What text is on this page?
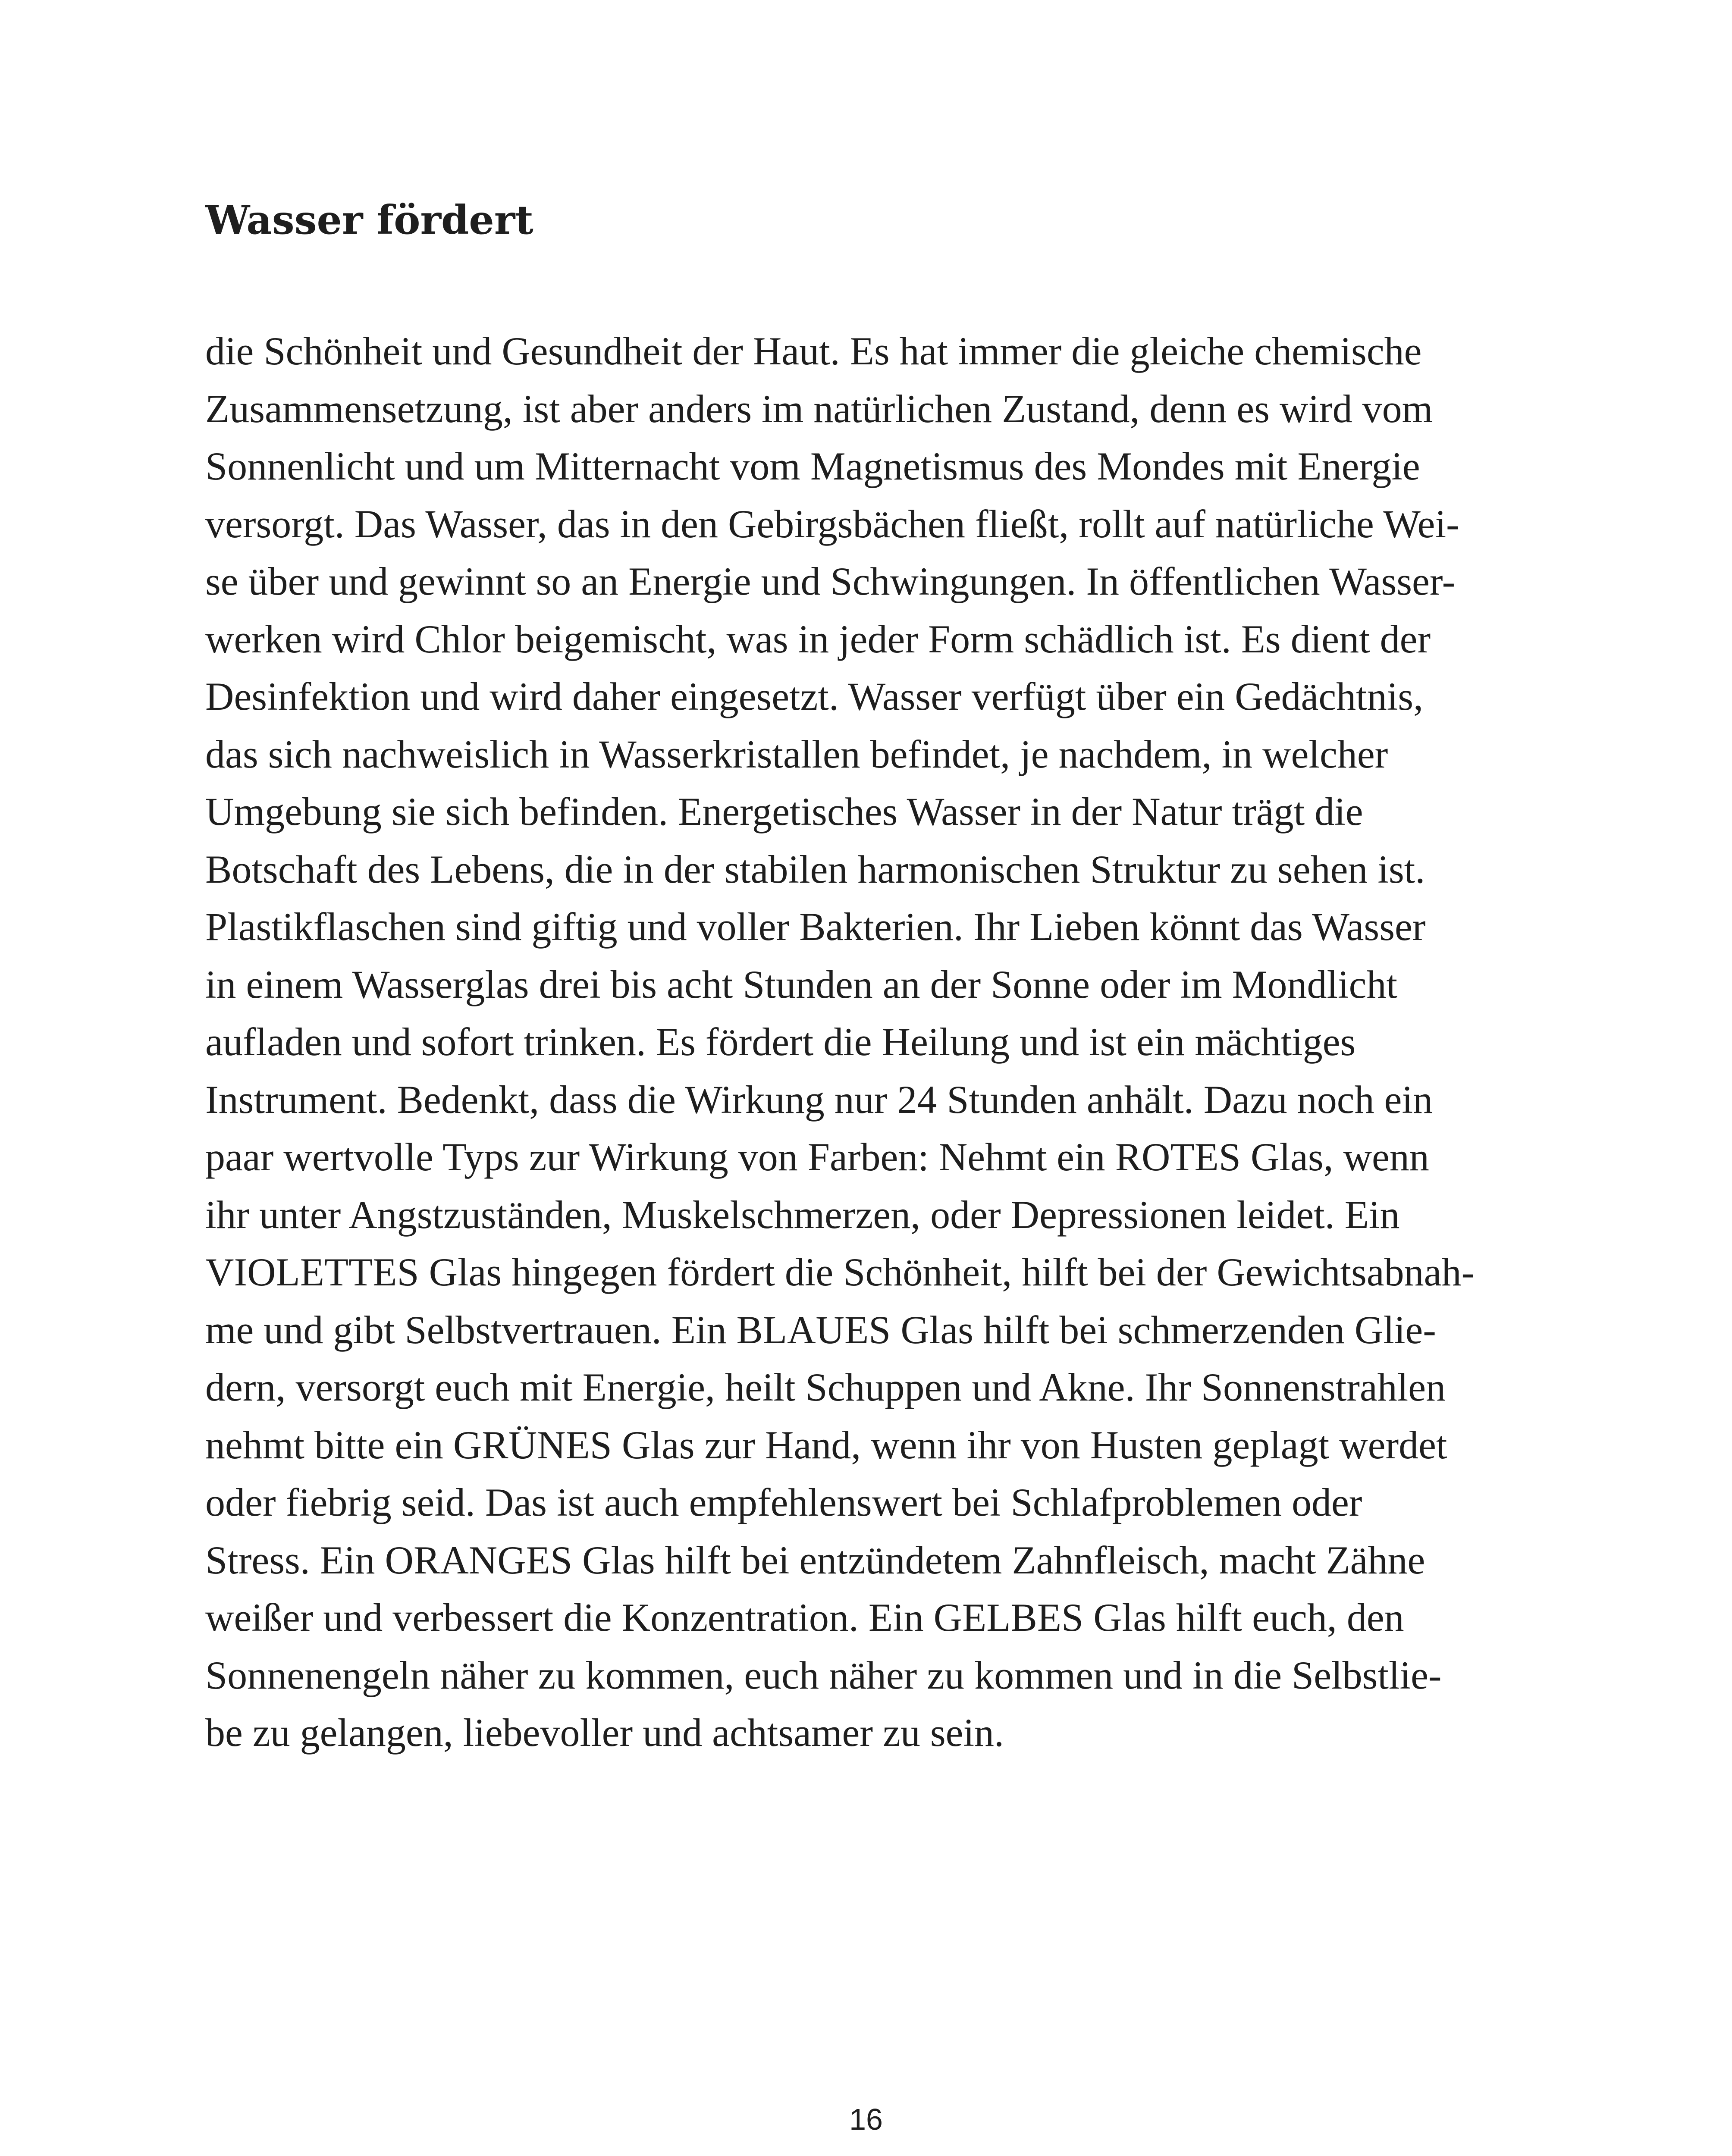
Wasser fördert
die Schönheit und Gesundheit der Haut. Es hat immer die gleiche chemische
Zusammensetzung, ist aber anders im natürlichen Zustand, denn es wird vom
Sonnenlicht und um Mitternacht vom Magnetismus des Mondes mit Energie
versorgt. Das Wasser, das in den Gebirgsbächen fließt, rollt auf natürliche Wei-
se über und gewinnt so an Energie und Schwingungen. In öffentlichen Wasser-
werken wird Chlor beigemischt, was in jeder Form schädlich ist. Es dient der
Desinfektion und wird daher eingesetzt. Wasser verfügt über ein Gedächtnis,
das sich nachweislich in Wasserkristallen befindet, je nachdem, in welcher
Umgebung sie sich befinden. Energetisches Wasser in der Natur trägt die
Botschaft des Lebens, die in der stabilen harmonischen Struktur zu sehen ist.
Plastikflaschen sind giftig und voller Bakterien. Ihr Lieben könnt das Wasser
in einem Wasserglas drei bis acht Stunden an der Sonne oder im Mondlicht
aufladen und sofort trinken. Es fördert die Heilung und ist ein mächtiges
Instrument. Bedenkt, dass die Wirkung nur 24 Stunden anhält. Dazu noch ein
paar wertvolle Typs zur Wirkung von Farben: Nehmt ein ROTES Glas, wenn
ihr unter Angstzuständen, Muskelschmerzen, oder Depressionen leidet. Ein
VIOLETTES Glas hingegen fördert die Schönheit, hilft bei der Gewichtsabnah-
me und gibt Selbstvertrauen. Ein BLAUES Glas hilft bei schmerzenden Glie-
dern, versorgt euch mit Energie, heilt Schuppen und Akne. Ihr Sonnenstrahlen
nehmt bitte ein GRÜNES Glas zur Hand, wenn ihr von Husten geplagt werdet
oder fiebrig seid. Das ist auch empfehlenswert bei Schlafproblemen oder
Stress. Ein ORANGES Glas hilft bei entzündetem Zahnfleisch, macht Zähne
weißer und verbessert die Konzentration. Ein GELBES Glas hilft euch, den
Sonnenengeln näher zu kommen, euch näher zu kommen und in die Selbstlie-
be zu gelangen, liebevoller und achtsamer zu sein.
16
